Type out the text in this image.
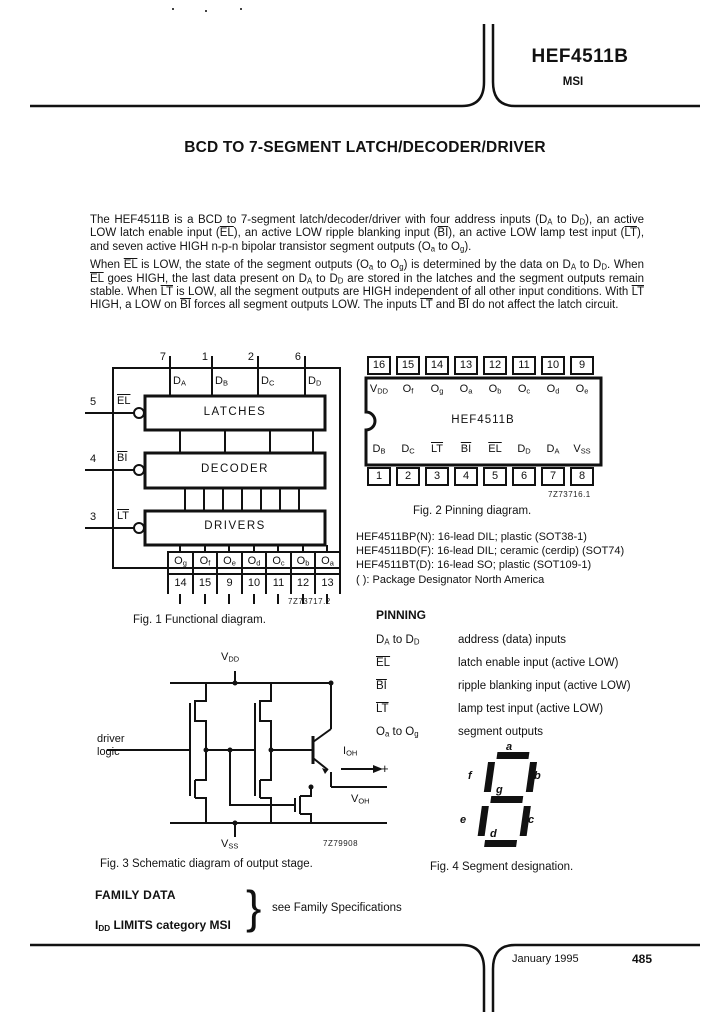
HEF4511B
MSI
BCD TO 7-SEGMENT LATCH/DECODER/DRIVER

The HEF4511B is a BCD to 7-segment latch/decoder/driver with four address inputs ($D_A$ to $D_D$), an active LOW latch enable input $(\overline{EL})$, an active LOW ripple blanking input $(\overline{BI})$, an active LOW lamp test input $(\overline{LT})$, and seven active HIGH n-p-n bipolar transistor segment outputs ($O_a$ to $O_g$).

When $\overline{EL}$ is LOW, the state of the segment outputs ($O_a$ to $O_g$) is determined by the data on $D_A$ to $D_D$. When $\overline{EL}$ goes HIGH, the last data present on $D_A$ to $D_D$ are stored in the latches and the segment outputs remain stable. When $\overline{LT}$ is LOW, all the segment outputs are HIGH independent of all other input conditions. With $\overline{LT}$ HIGH, a LOW on $\overline{BI}$ forces all segment outputs LOW. The inputs $\overline{LT}$ and $\overline{BI}$ do not affect the latch circuit.

7	1	2	6
$D_A$	$D_B$	$D_C$	$D_D$
LATCHES
DECODER
DRIVERS
5
4
3
$\overline{EL}$
$\overline{BI}$
$\overline{LT}$
$O_g$	$O_f$	$O_e$	$O_d$	$O_c$	$O_b$	$O_a$
14	15	9	10	11	12	13
7Z73717.2
Fig. 1 Functional diagram.
16	15	14	13	12	11	10	9
$V_{DD}$	$O_f$	$O_g$	$O_a$	$O_b$	$O_c$	$O_d$	$O_e$
HEF4511B
$D_B$	$D_C$	$\overline{LT}$	$\overline{BI}$	$\overline{EL}$	$D_D$	$D_A$	$V_{SS}$
1	2	3	4	5	6	7	8
7Z73716.1
Fig. 2 Pinning diagram.
HEF4511BP(N): 16-lead DIL; plastic (SOT38-1)
HEF4511BD(F): 16-lead DIL; ceramic (cerdip) (SOT74)
HEF4511BT(D): 16-lead SO; plastic (SOT109-1)
( ): Package Designator North America
PINNING
$D_A$ to $D_D$	address (data) inputs
$\overline{EL}$	latch enable input (active LOW)
$\overline{BI}$	ripple blanking input (active LOW)
$\overline{LT}$	lamp test input (active LOW)
$O_a$ to $O_g$	segment outputs
$V_{DD}$
driver
logic	$I_{OH}$
+
$V_{OH}$
$V_{SS}$	7Z79908
Fig. 3 Schematic diagram of output stage.
a
f	b
g
e	c
d
Fig. 4 Segment designation.
FAMILY DATA
$I_{DD}$ LIMITS category MSI } see Family Specifications
January 1995	485
